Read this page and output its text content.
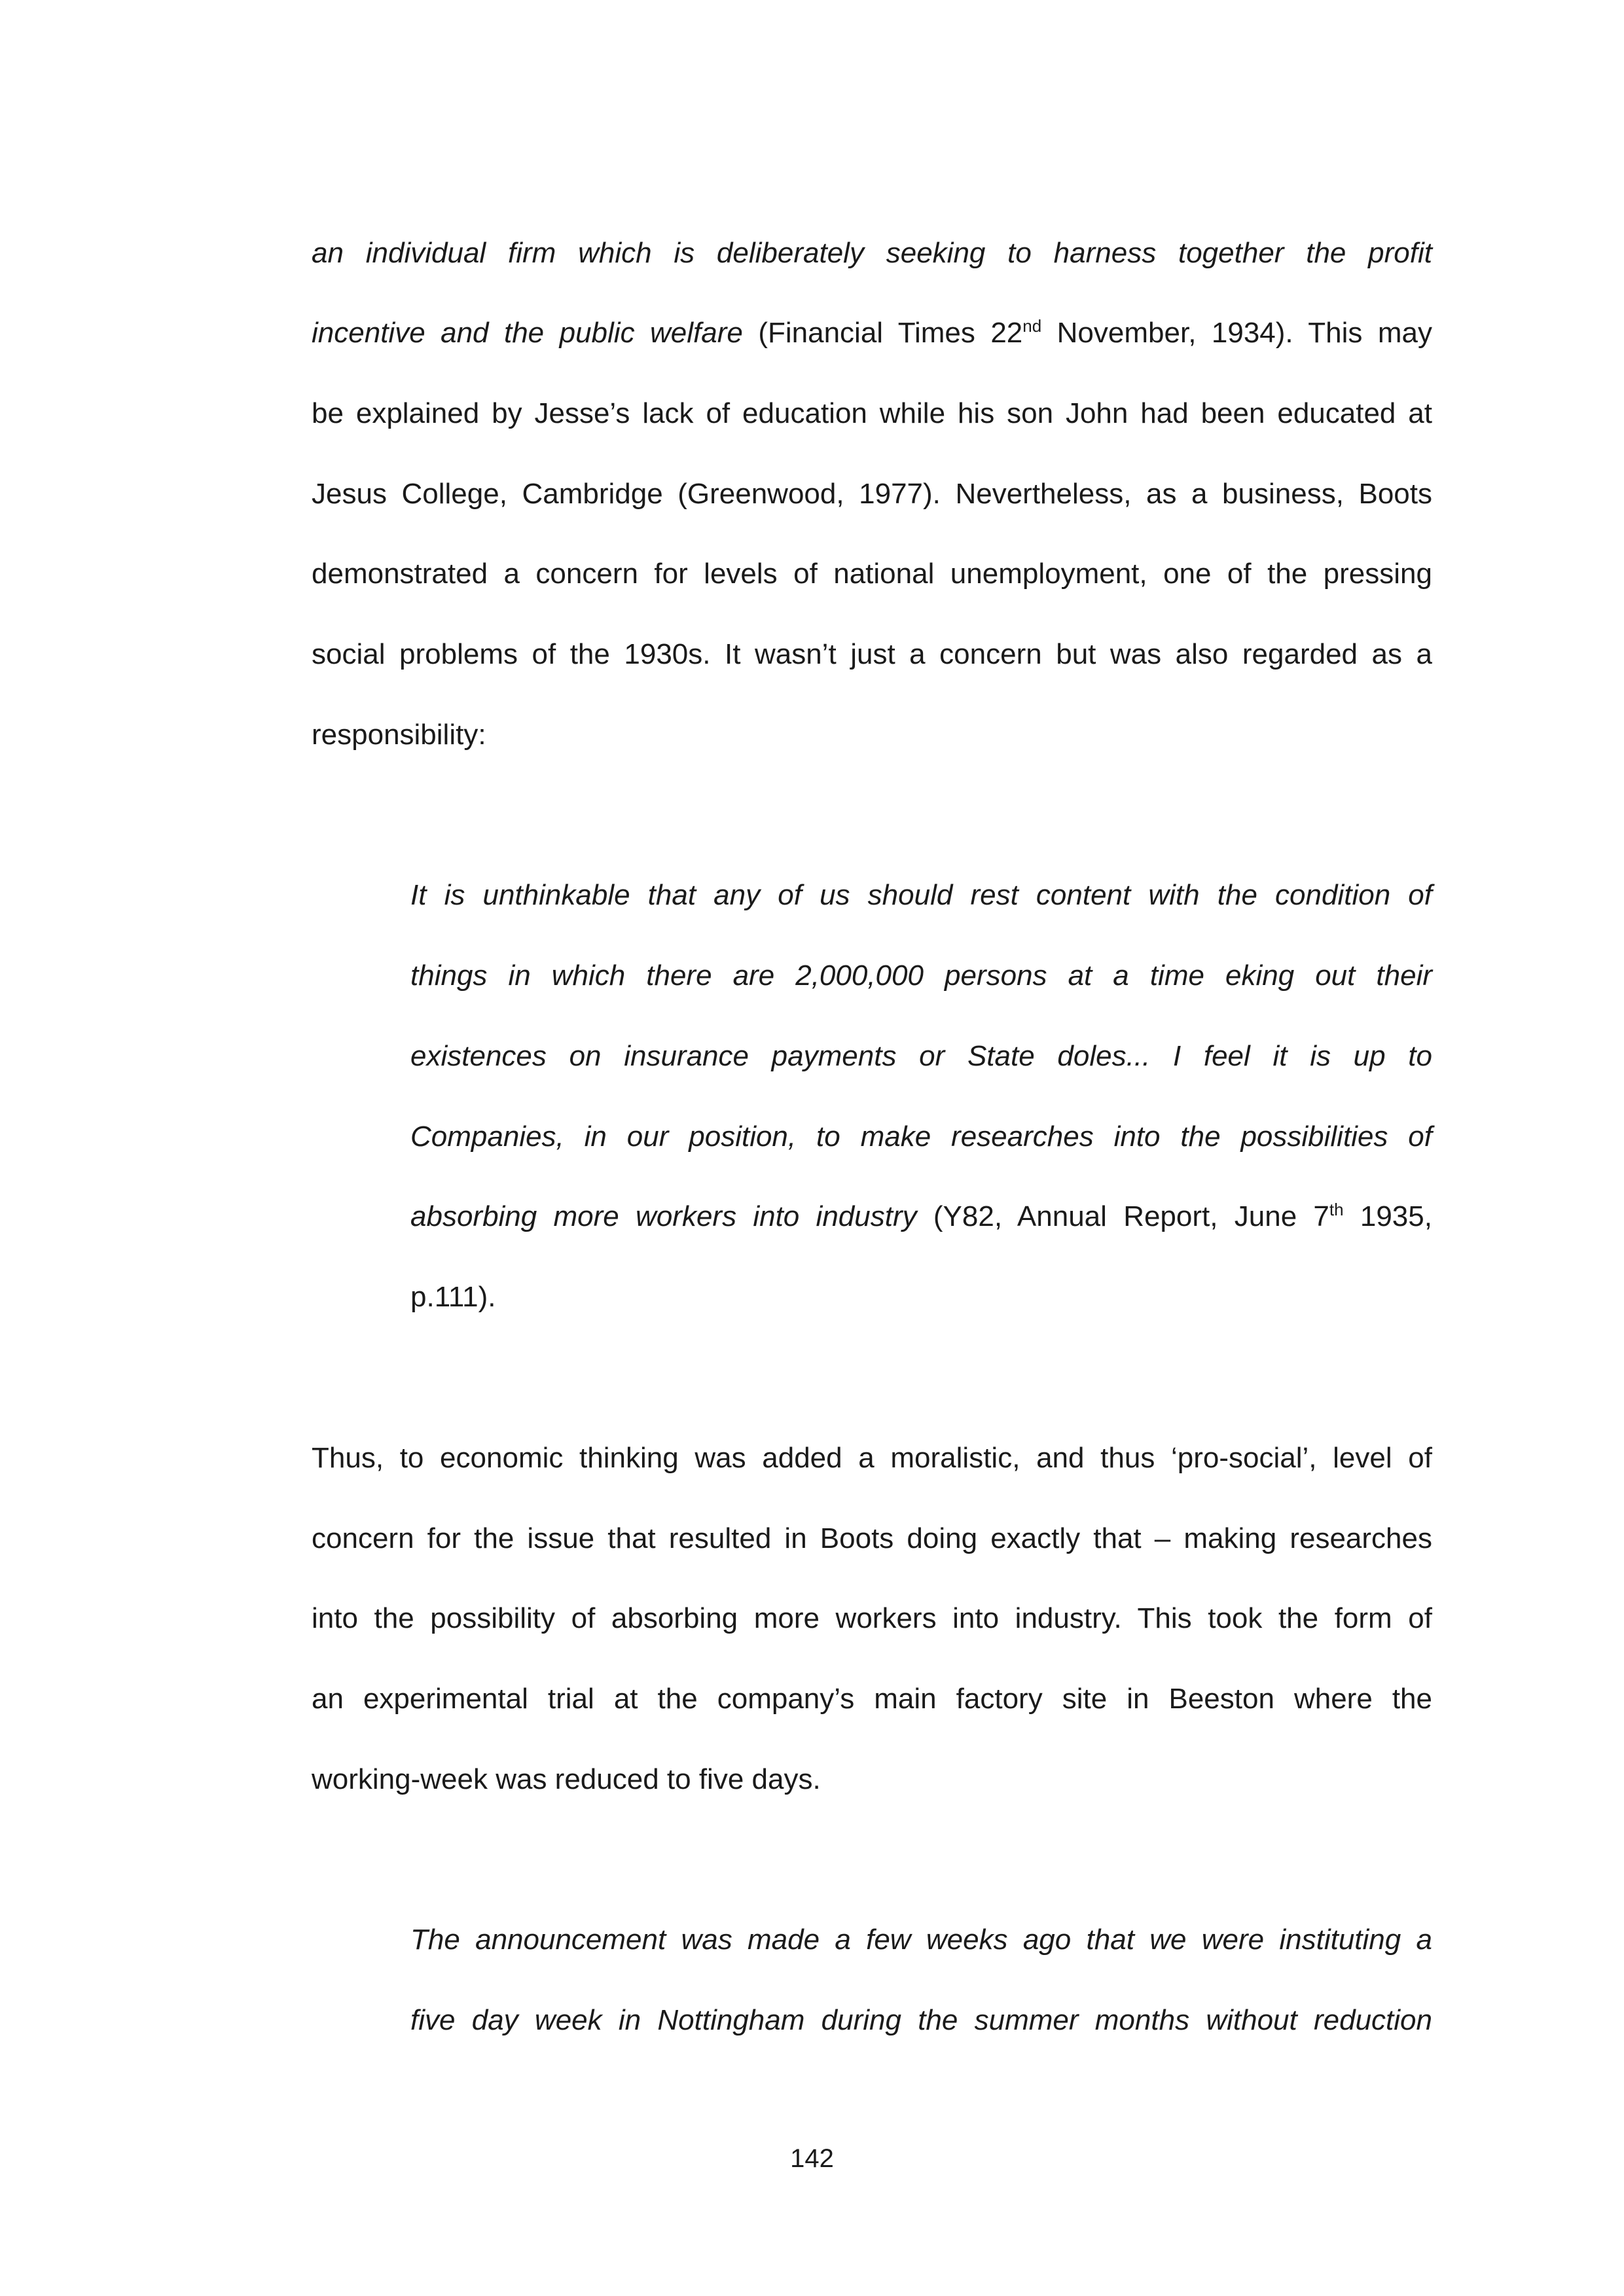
an individual firm which is deliberately seeking to harness together the profit
incentive and the public welfare (Financial Times 22nd November, 1934). This may
be explained by Jesse’s lack of education while his son John had been educated at
Jesus College, Cambridge (Greenwood, 1977). Nevertheless, as a business, Boots
demonstrated a concern for levels of national unemployment, one of the pressing
social problems of the 1930s. It wasn’t just a concern but was also regarded as a
responsibility:
It is unthinkable that any of us should rest content with the condition of
things in which there are 2,000,000 persons at a time eking out their
existences on insurance payments or State doles... I feel it is up to
Companies, in our position, to make researches into the possibilities of
absorbing more workers into industry (Y82, Annual Report, June 7th 1935,
p.111).
Thus, to economic thinking was added a moralistic, and thus ‘pro-social’, level of
concern for the issue that resulted in Boots doing exactly that – making researches
into the possibility of absorbing more workers into industry. This took the form of
an experimental trial at the company’s main factory site in Beeston where the
working-week was reduced to five days.
The announcement was made a few weeks ago that we were instituting a
five day week in Nottingham during the summer months without reduction
142
